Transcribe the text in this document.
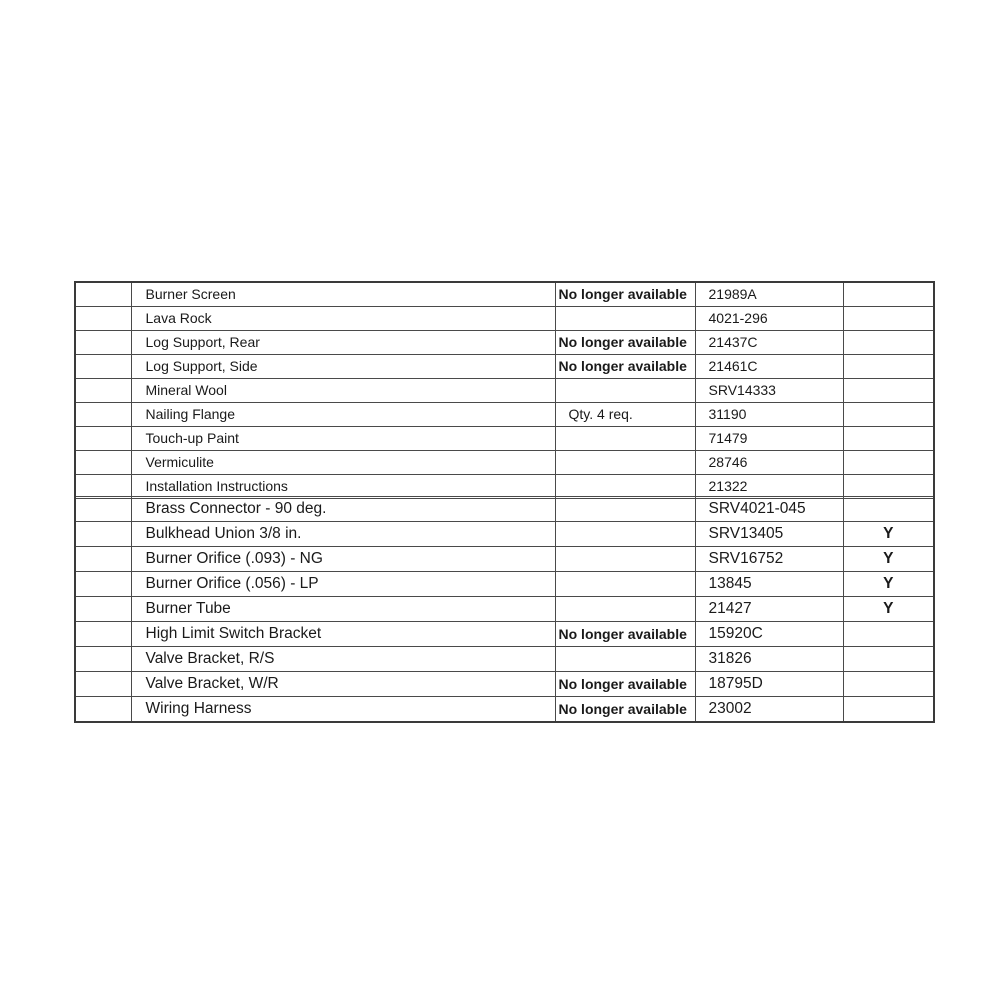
	Burner Screen	No longer available	21989A	
	Lava Rock		4021-296	
	Log Support, Rear	No longer available	21437C	
	Log Support, Side	No longer available	21461C	
	Mineral Wool		SRV14333	
	Nailing Flange	Qty. 4 req.	31190	
	Touch-up Paint		71479	
	Vermiculite		28746	
	Installation Instructions		21322	
	Brass Connector - 90 deg.		SRV4021-045	
	Bulkhead Union 3/8 in.		SRV13405	Y
	Burner Orifice (.093) - NG		SRV16752	Y
	Burner Orifice (.056) - LP		13845	Y
	Burner Tube		21427	Y
	High Limit Switch Bracket	No longer available	15920C	
	Valve Bracket, R/S		31826	
	Valve Bracket, W/R	No longer available	18795D	
	Wiring Harness	No longer available	23002	
